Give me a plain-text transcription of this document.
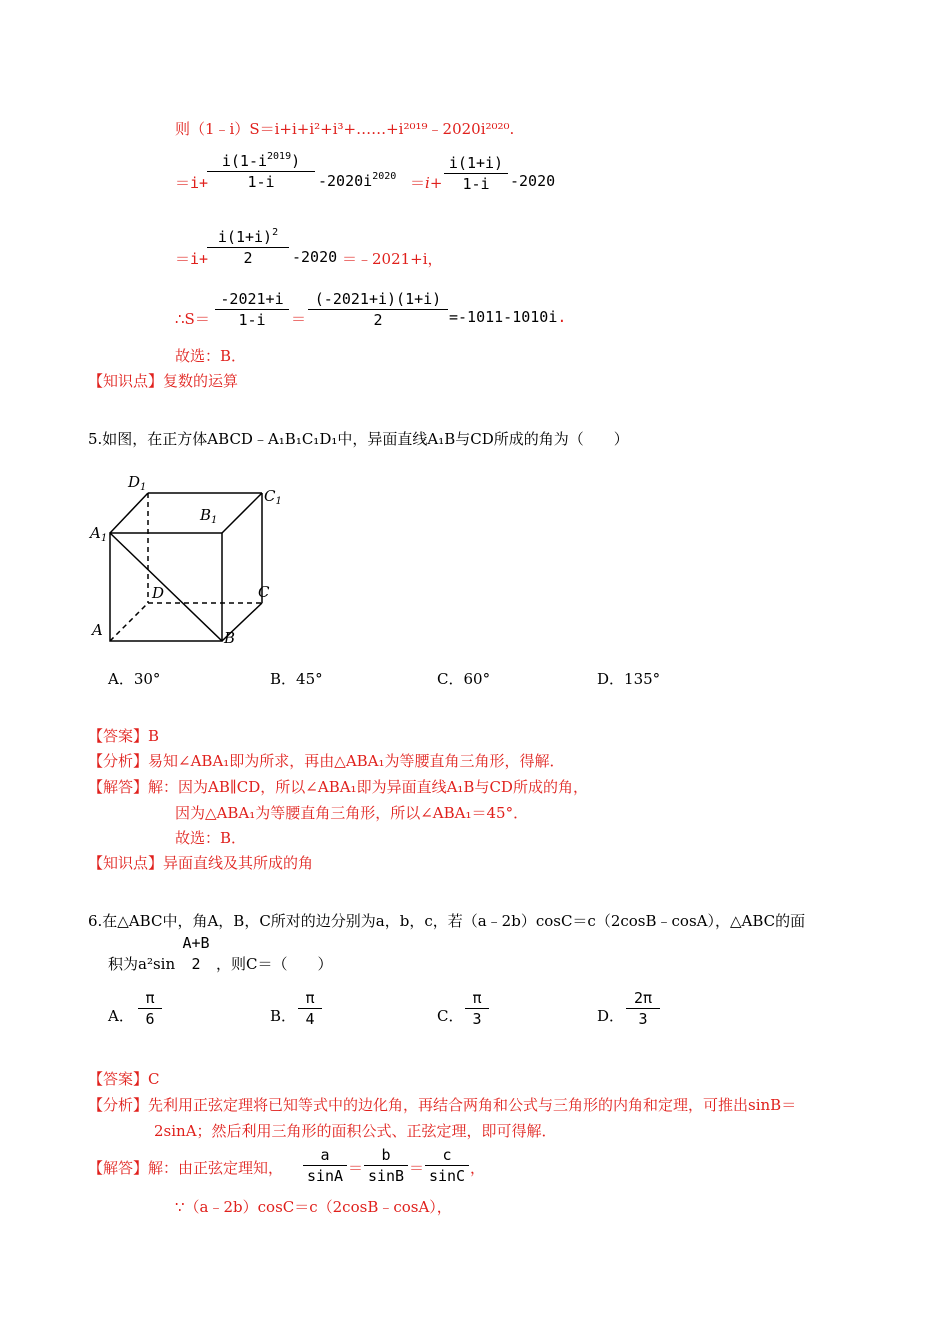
则（1﹣i）S＝i+i+i²+i³+……+i²⁰¹⁹﹣2020i²⁰²⁰.
＝i+
$i(1-i^{2019})$
1-i	$-2020i^{2020} =i+$
i(1+i)
1-i	-2020
＝i+
$i(1+i)^2$
2	-2020 ＝﹣2021+i，
∴S＝
-2021+i
1-i	＝
(-2021+i)(1+i)
2	=-1011-1010i.
故选：B．
【知识点】复数的运算
5.如图，在正方体ABCD﹣A₁B₁C₁D₁中，异面直线A₁B与CD所成的角为（　　）
$D_1$	$C_1$
$B_1$
$A_1$
D	C
A	B
A．30°	B．45°	C．60°	D．135°
【答案】B
【分析】易知∠ABA₁即为所求，再由△ABA₁为等腰直角三角形，得解．
【解答】解：因为AB∥CD，所以∠ABA₁即为异面直线A₁B与CD所成的角，
因为△ABA₁为等腰直角三角形，所以∠ABA₁＝45°．
故选：B．
【知识点】异面直线及其所成的角
6.在△ABC中，角A，B，C所对的边分别为a，b，c，若（a﹣2b）cosC＝c（2cosB﹣cosA），△ABC的面
积为a²sin
A+B
2	，则C＝（　　）
A．
π
6	B．
π
4	C．
π
3	D．
2π
3
【答案】C
【分析】先利用正弦定理将已知等式中的边化角，再结合两角和公式与三角形的内角和定理，可推出sinB＝
2sinA；然后利用三角形的面积公式、正弦定理，即可得解．
【解答】解：由正弦定理知，
a
sinA ＝
b
sinB ＝
c
sinC ，
∵（a﹣2b）cosC＝c（2cosB﹣cosA），
